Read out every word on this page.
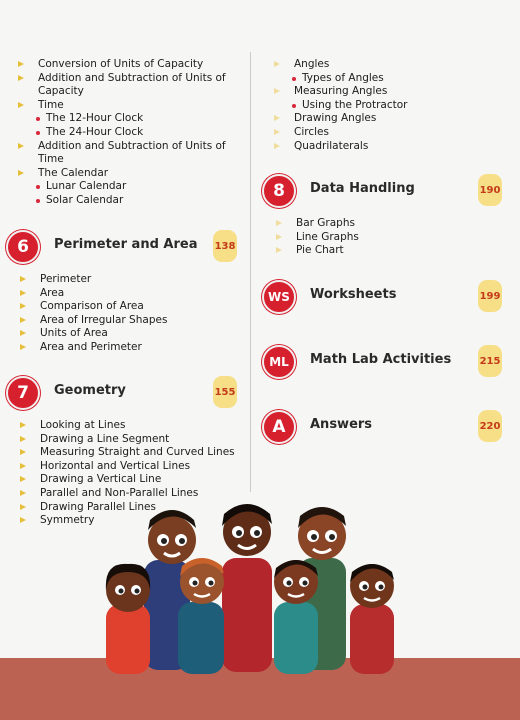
Conversion of Units of Capacity
Addition and Subtraction of Units of
Capacity
Time
The 12-Hour Clock
The 24-Hour Clock
Addition and Subtraction of Units of
Time
The Calendar
Lunar Calendar
Solar Calendar
6	Perimeter and Area 138
Perimeter
Area
Comparison of Area
Area of Irregular Shapes
Units of Area
Area and Perimeter
7	Geometry	155
Looking at Lines
Drawing a Line Segment
Measuring Straight and Curved Lines
Horizontal and Vertical Lines
Drawing a Vertical Line
Parallel and Non-Parallel Lines
Drawing Parallel Lines
Symmetry
Angles
Types of Angles
Measuring Angles
Using the Protractor
Drawing Angles
Circles
Quadrilaterals
8	Data Handling	190
Bar Graphs
Line Graphs
Pie Chart
WS	Worksheets	199
ML	Math Lab Activities	215
A	Answers	220
